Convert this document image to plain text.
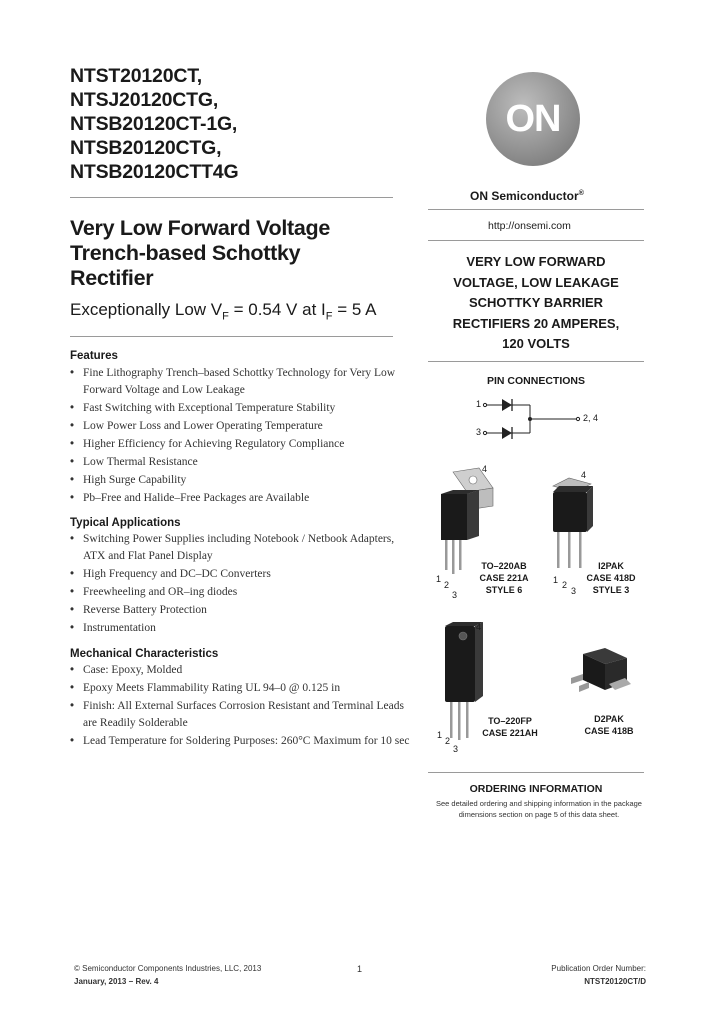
NTST20120CT,
NTSJ20120CTG,
NTSB20120CT-1G,
NTSB20120CTG,
NTSB20120CTT4G
Very Low Forward Voltage
Trench-based Schottky
Rectifier
Exceptionally Low $V_F = 0.54$ V at $I_F = 5$ A
Features
• Fine Lithography Trench–based Schottky Technology for Very Low Forward Voltage and Low Leakage
• Fast Switching with Exceptional Temperature Stability
• Low Power Loss and Lower Operating Temperature
• Higher Efficiency for Achieving Regulatory Compliance
• Low Thermal Resistance
• High Surge Capability
• Pb–Free and Halide–Free Packages are Available
Typical Applications
• Switching Power Supplies including Notebook / Netbook Adapters, ATX and Flat Panel Display
• High Frequency and DC–DC Converters
• Freewheeling and OR–ing diodes
• Reverse Battery Protection
• Instrumentation
Mechanical Characteristics
• Case: Epoxy, Molded
• Epoxy Meets Flammability Rating UL 94–0 @ 0.125 in
• Finish: All External Surfaces Corrosion Resistant and Terminal Leads are Readily Solderable
• Lead Temperature for Soldering Purposes: 260°C Maximum for 10 sec
ON
ON Semiconductor®
http://onsemi.com
VERY LOW FORWARD
VOLTAGE, LOW LEAKAGE
SCHOTTKY BARRIER
RECTIFIERS 20 AMPERES,
120 VOLTS
PIN CONNECTIONS
1
3
2, 4
4
1
2
3
TO–220AB
CASE 221A
STYLE 6
4
1 2
3
I2PAK
CASE 418D
STYLE 3
4
1
2
3
TO–220FP
CASE 221AH
D2PAK
CASE 418B
ORDERING INFORMATION
See detailed ordering and shipping information in the package
dimensions section on page 5 of this data sheet.
© Semiconductor Components Industries, LLC, 2013
January, 2013 − Rev. 4
1	Publication Order Number:
NTST20120CT/D
